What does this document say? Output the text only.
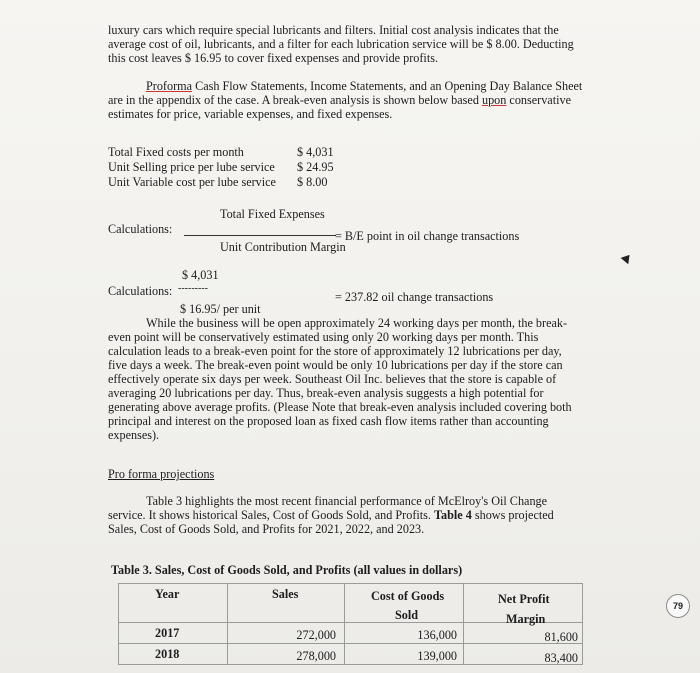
luxury cars which require special lubricants and filters. Initial cost analysis indicates that the
average cost of oil, lubricants, and a filter for each lubrication service will be $ 8.00. Deducting
this cost leaves $ 16.95 to cover fixed expenses and provide profits.
Proforma Cash Flow Statements, Income Statements, and an Opening Day Balance Sheet
are in the appendix of the case. A break-even analysis is shown below based upon conservative
estimates for price, variable expenses, and fixed expenses.
Total Fixed costs per month	$ 4,031
Unit Selling price per lube service $ 24.95
Unit Variable cost per lube service $ 8.00
Total Fixed Expenses
Calculations:	= B/E point in oil change transactions
Unit Contribution Margin
$ 4,031
Calculations: ---------
= 237.82 oil change transactions
$ 16.95/ per unit
While the business will be open approximately 24 working days per month, the break-
even point will be conservatively estimated using only 20 working days per month. This
calculation leads to a break-even point for the store of approximately 12 lubrications per day,
five days a week. The break-even point would be only 10 lubrications per day if the store can
effectively operate six days per week. Southeast Oil Inc. believes that the store is capable of
averaging 20 lubrications per day. Thus, break-even analysis suggests a high potential for
generating above average profits. (Please Note that break-even analysis included covering both
principal and interest on the proposed loan as fixed cash flow items rather than accounting
expenses).
Pro forma projections
Table 3 highlights the most recent financial performance of McElroy's Oil Change
service. It shows historical Sales, Cost of Goods Sold, and Profits. Table 4 shows projected
Sales, Cost of Goods Sold, and Profits for 2021, 2022, and 2023.
Table 3. Sales, Cost of Goods Sold, and Profits (all values in dollars)
Year	Sales	Cost of Goods
Sold	Net Profit
Margin

2017	272,000	136,000	81,600

2018	278,000	139,000	83,400
79
